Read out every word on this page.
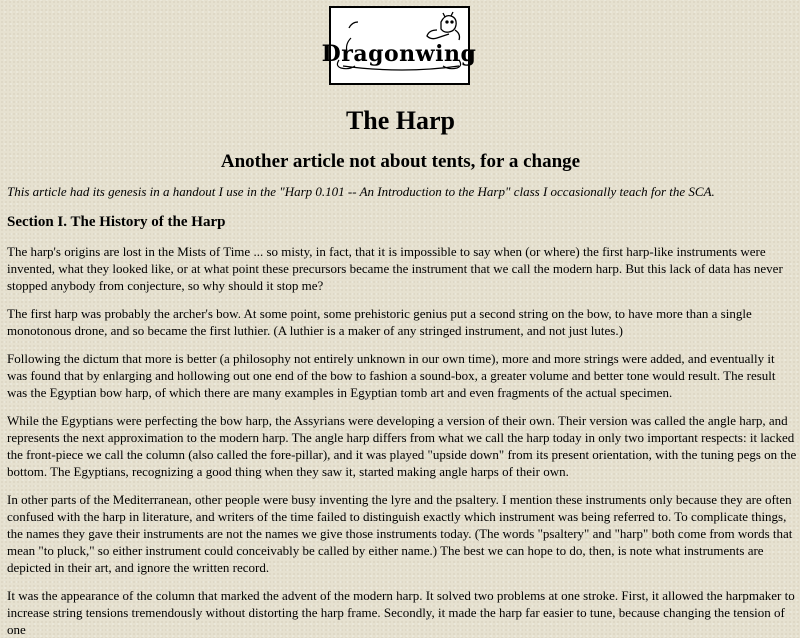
Dragonwing
The Harp
Another article not about tents, for a change

This article had its genesis in a handout I use in the "Harp 0.101 -- An Introduction to the Harp" class I occasionally teach for the SCA.

Section I. The History of the Harp

The harp's origins are lost in the Mists of Time ... so misty, in fact, that it is impossible to say when (or where) the first harp-like instruments were invented, what they looked like, or at what point these precursors became the instrument that we call the modern harp. But this lack of data has never stopped anybody from conjecture, so why should it stop me?

The first harp was probably the archer's bow. At some point, some prehistoric genius put a second string on the bow, to have more than a single monotonous drone, and so became the first luthier. (A luthier is a maker of any stringed instrument, and not just lutes.)

Following the dictum that more is better (a philosophy not entirely unknown in our own time), more and more strings were added, and eventually it was found that by enlarging and hollowing out one end of the bow to fashion a sound-box, a greater volume and better tone would result. The result was the Egyptian bow harp, of which there are many examples in Egyptian tomb art and even fragments of the actual specimen.

While the Egyptians were perfecting the bow harp, the Assyrians were developing a version of their own. Their version was called the angle harp, and represents the next approximation to the modern harp. The angle harp differs from what we call the harp today in only two important respects: it lacked the front-piece we call the column (also called the fore-pillar), and it was played "upside down" from its present orientation, with the tuning pegs on the bottom. The Egyptians, recognizing a good thing when they saw it, started making angle harps of their own.

In other parts of the Mediterranean, other people were busy inventing the lyre and the psaltery. I mention these instruments only because they are often confused with the harp in literature, and writers of the time failed to distinguish exactly which instrument was being referred to. To complicate things, the names they gave their instruments are not the names we give those instruments today. (The words "psaltery" and "harp" both come from words that mean "to pluck," so either instrument could conceivably be called by either name.) The best we can hope to do, then, is note what instruments are depicted in their art, and ignore the written record.

It was the appearance of the column that marked the advent of the modern harp. It solved two problems at one stroke. First, it allowed the harpmaker to increase string tensions tremendously without distorting the harp frame. Secondly, it made the harp far easier to tune, because changing the tension of one
